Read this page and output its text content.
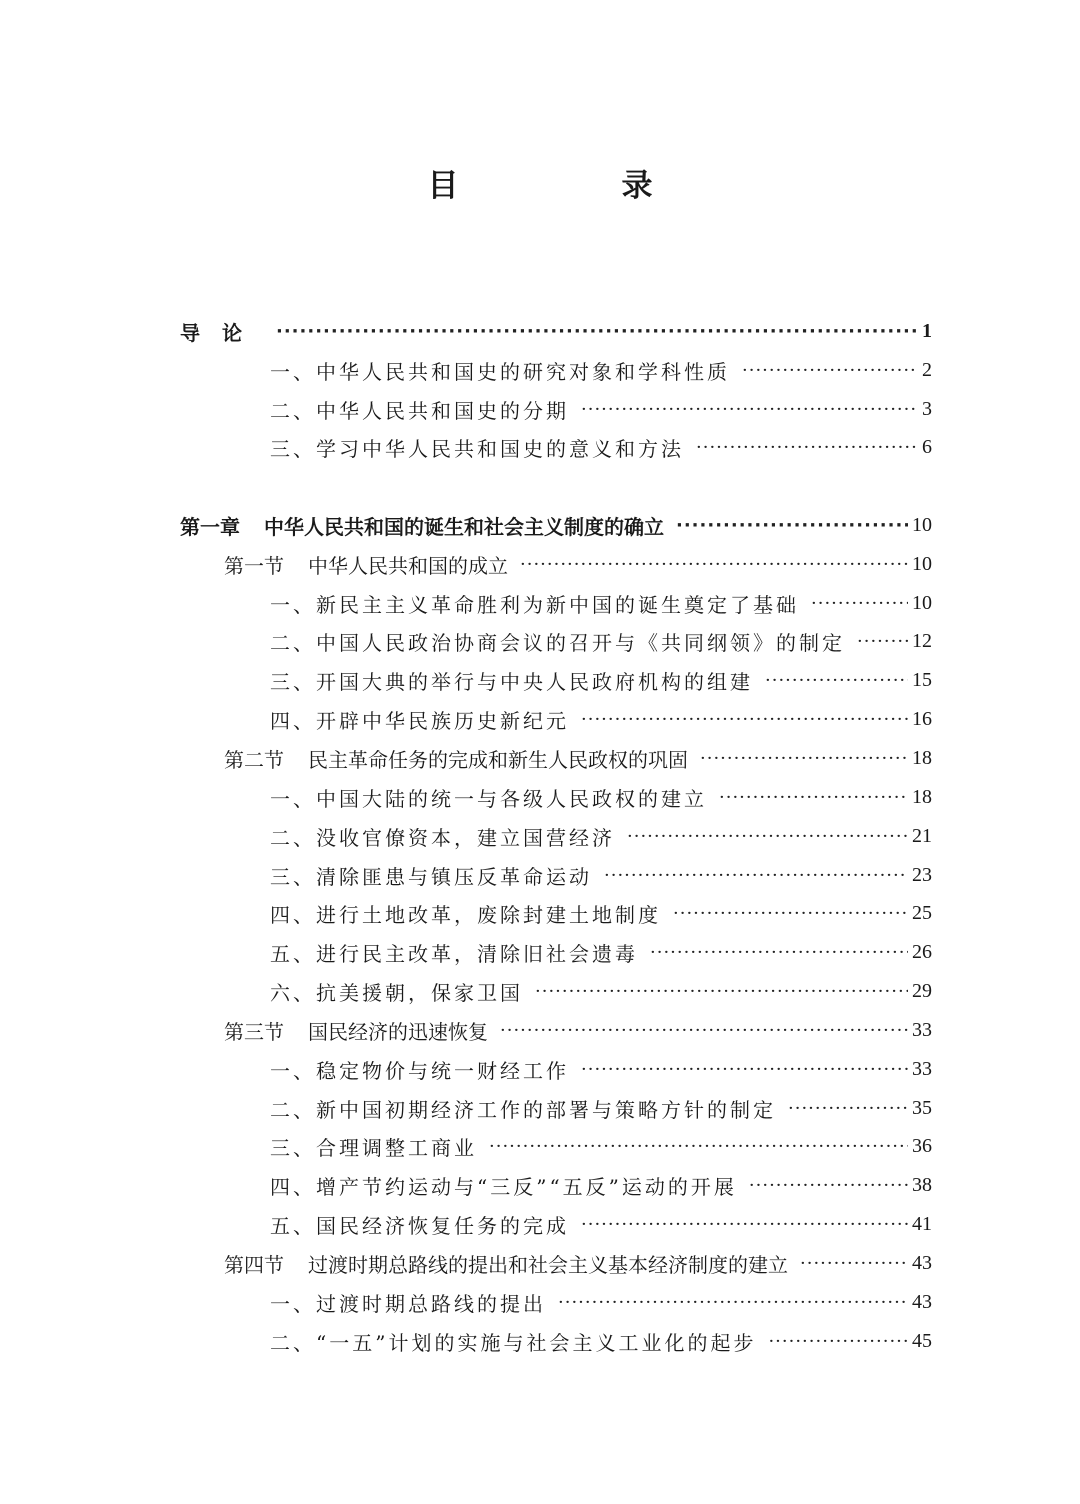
目　录
导论 ·····	1
一、中华人民共和国史的研究对象和学科性质 ·····	2
二、中华人民共和国史的分期 ·····	3
三、学习中华人民共和国史的意义和方法 ·····	6
第一章 中华人民共和国的诞生和社会主义制度的确立 ·····	10
第一节 中华人民共和国的成立 ·····	10
一、新民主主义革命胜利为新中国的诞生奠定了基础 ·····	10
二、中国人民政治协商会议的召开与《共同纲领》的制定 ·····	12
三、开国大典的举行与中央人民政府机构的组建 ·····	15
四、开辟中华民族历史新纪元 ·····	16
第二节 民主革命任务的完成和新生人民政权的巩固 ·····	18
一、中国大陆的统一与各级人民政权的建立 ·····	18
二、没收官僚资本，建立国营经济 ·····	21
三、清除匪患与镇压反革命运动 ·····	23
四、进行土地改革，废除封建土地制度 ·····	25
五、进行民主改革，清除旧社会遗毒 ·····	26
六、抗美援朝，保家卫国 ·····	29
第三节 国民经济的迅速恢复 ·····	33
一、稳定物价与统一财经工作 ·····	33
二、新中国初期经济工作的部署与策略方针的制定 ·····	35
三、合理调整工商业 ·····	36
四、增产节约运动与“三反”“五反”运动的开展 ·····	38
五、国民经济恢复任务的完成 ·····	41
第四节 过渡时期总路线的提出和社会主义基本经济制度的建立 ·····	43
一、过渡时期总路线的提出 ·····	43
二、“一五”计划的实施与社会主义工业化的起步 ·····	45
